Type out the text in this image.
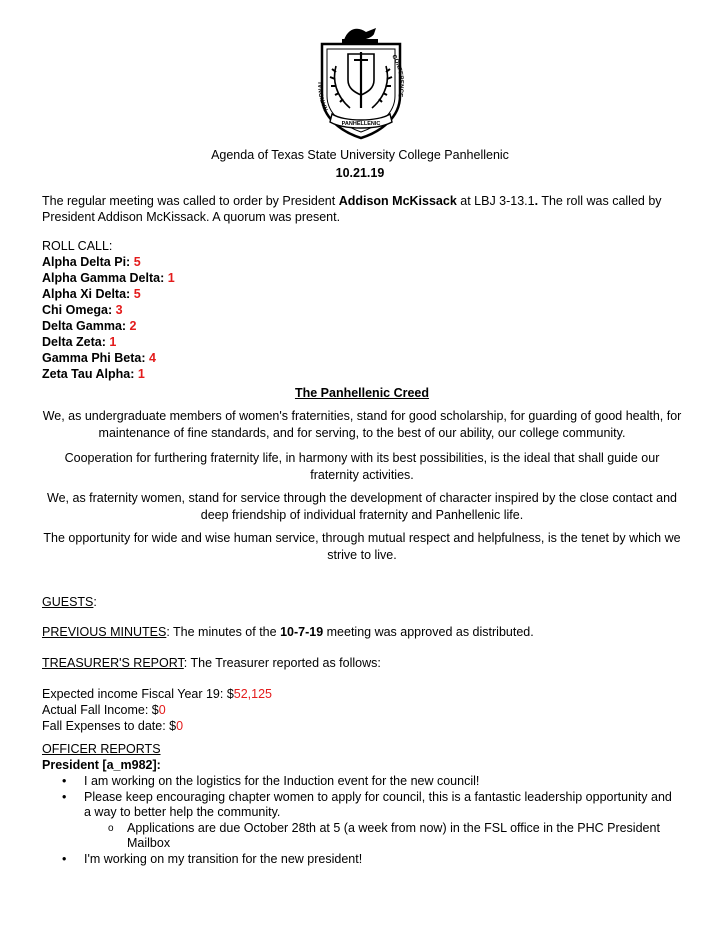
NATIONAL
CONFERENCE
PANHELLENIC
Agenda of Texas State University College Panhellenic
10.21.19
The regular meeting was called to order by President Addison McKissack at LBJ 3-13.1. The roll was called by President Addison McKissack. A quorum was present.
ROLL CALL:
Alpha Delta Pi: 5
Alpha Gamma Delta: 1
Alpha Xi Delta: 5
Chi Omega: 3
Delta Gamma: 2
Delta Zeta: 1
Gamma Phi Beta: 4
Zeta Tau Alpha: 1
The Panhellenic Creed

We, as undergraduate members of women's fraternities, stand for good scholarship, for guarding of good health, for maintenance of fine standards, and for serving, to the best of our ability, our college community.

Cooperation for furthering fraternity life, in harmony with its best possibilities, is the ideal that shall guide our fraternity activities.

We, as fraternity women, stand for service through the development of character inspired by the close contact and deep friendship of individual fraternity and Panhellenic life.

The opportunity for wide and wise human service, through mutual respect and helpfulness, is the tenet by which we strive to live.

GUESTS:
PREVIOUS MINUTES: The minutes of the 10-7-19 meeting was approved as distributed.
TREASURER'S REPORT: The Treasurer reported as follows:
Expected income Fiscal Year 19: $52,125
Actual Fall Income: $0
Fall Expenses to date: $0
OFFICER REPORTS
President [a_m982]:
• I am working on the logistics for the Induction event for the new council!
• Please keep encouraging chapter women to apply for council, this is a fantastic leadership opportunity and a way to better help the community.
o Applications are due October 28th at 5 (a week from now) in the FSL office in the PHC President Mailbox
• I'm working on my transition for the new president!
